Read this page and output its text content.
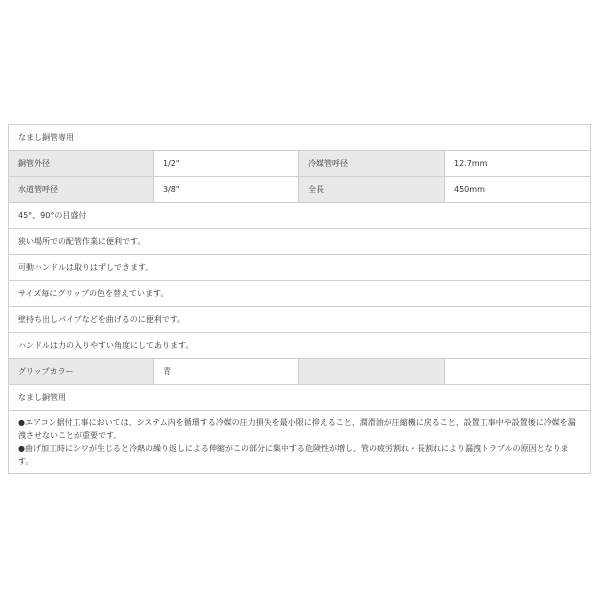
なまし銅管専用			
銅管外径	1/2"	冷媒管呼径	12.7mm
水道管呼径	3/8"	全長	450mm
45°、90°の目盛付			
狭い場所での配管作業に便利です。			
可動ハンドルは取りはずしできます。			
サイズ毎にグリップの色を替えています。			
壁持ち出しパイプなどを曲げるのに便利です。			
ハンドルは力の入りやすい角度にしてあります。			
グリップカラー	青		
なまし銅管用			

●エアコン据付工事においては、システム内を循環する冷媒の圧力損失を最小限に抑えること、潤滑油が圧縮機に戻ること、設置工事中や設置後に冷媒を漏洩させないことが重要です。
●曲げ加工時にシワが生じると冷熱の繰り返しによる伸縮がこの部分に集中する危険性が増し、管の疲労割れ・長割れにより漏洩トラブルの原因となります。			
